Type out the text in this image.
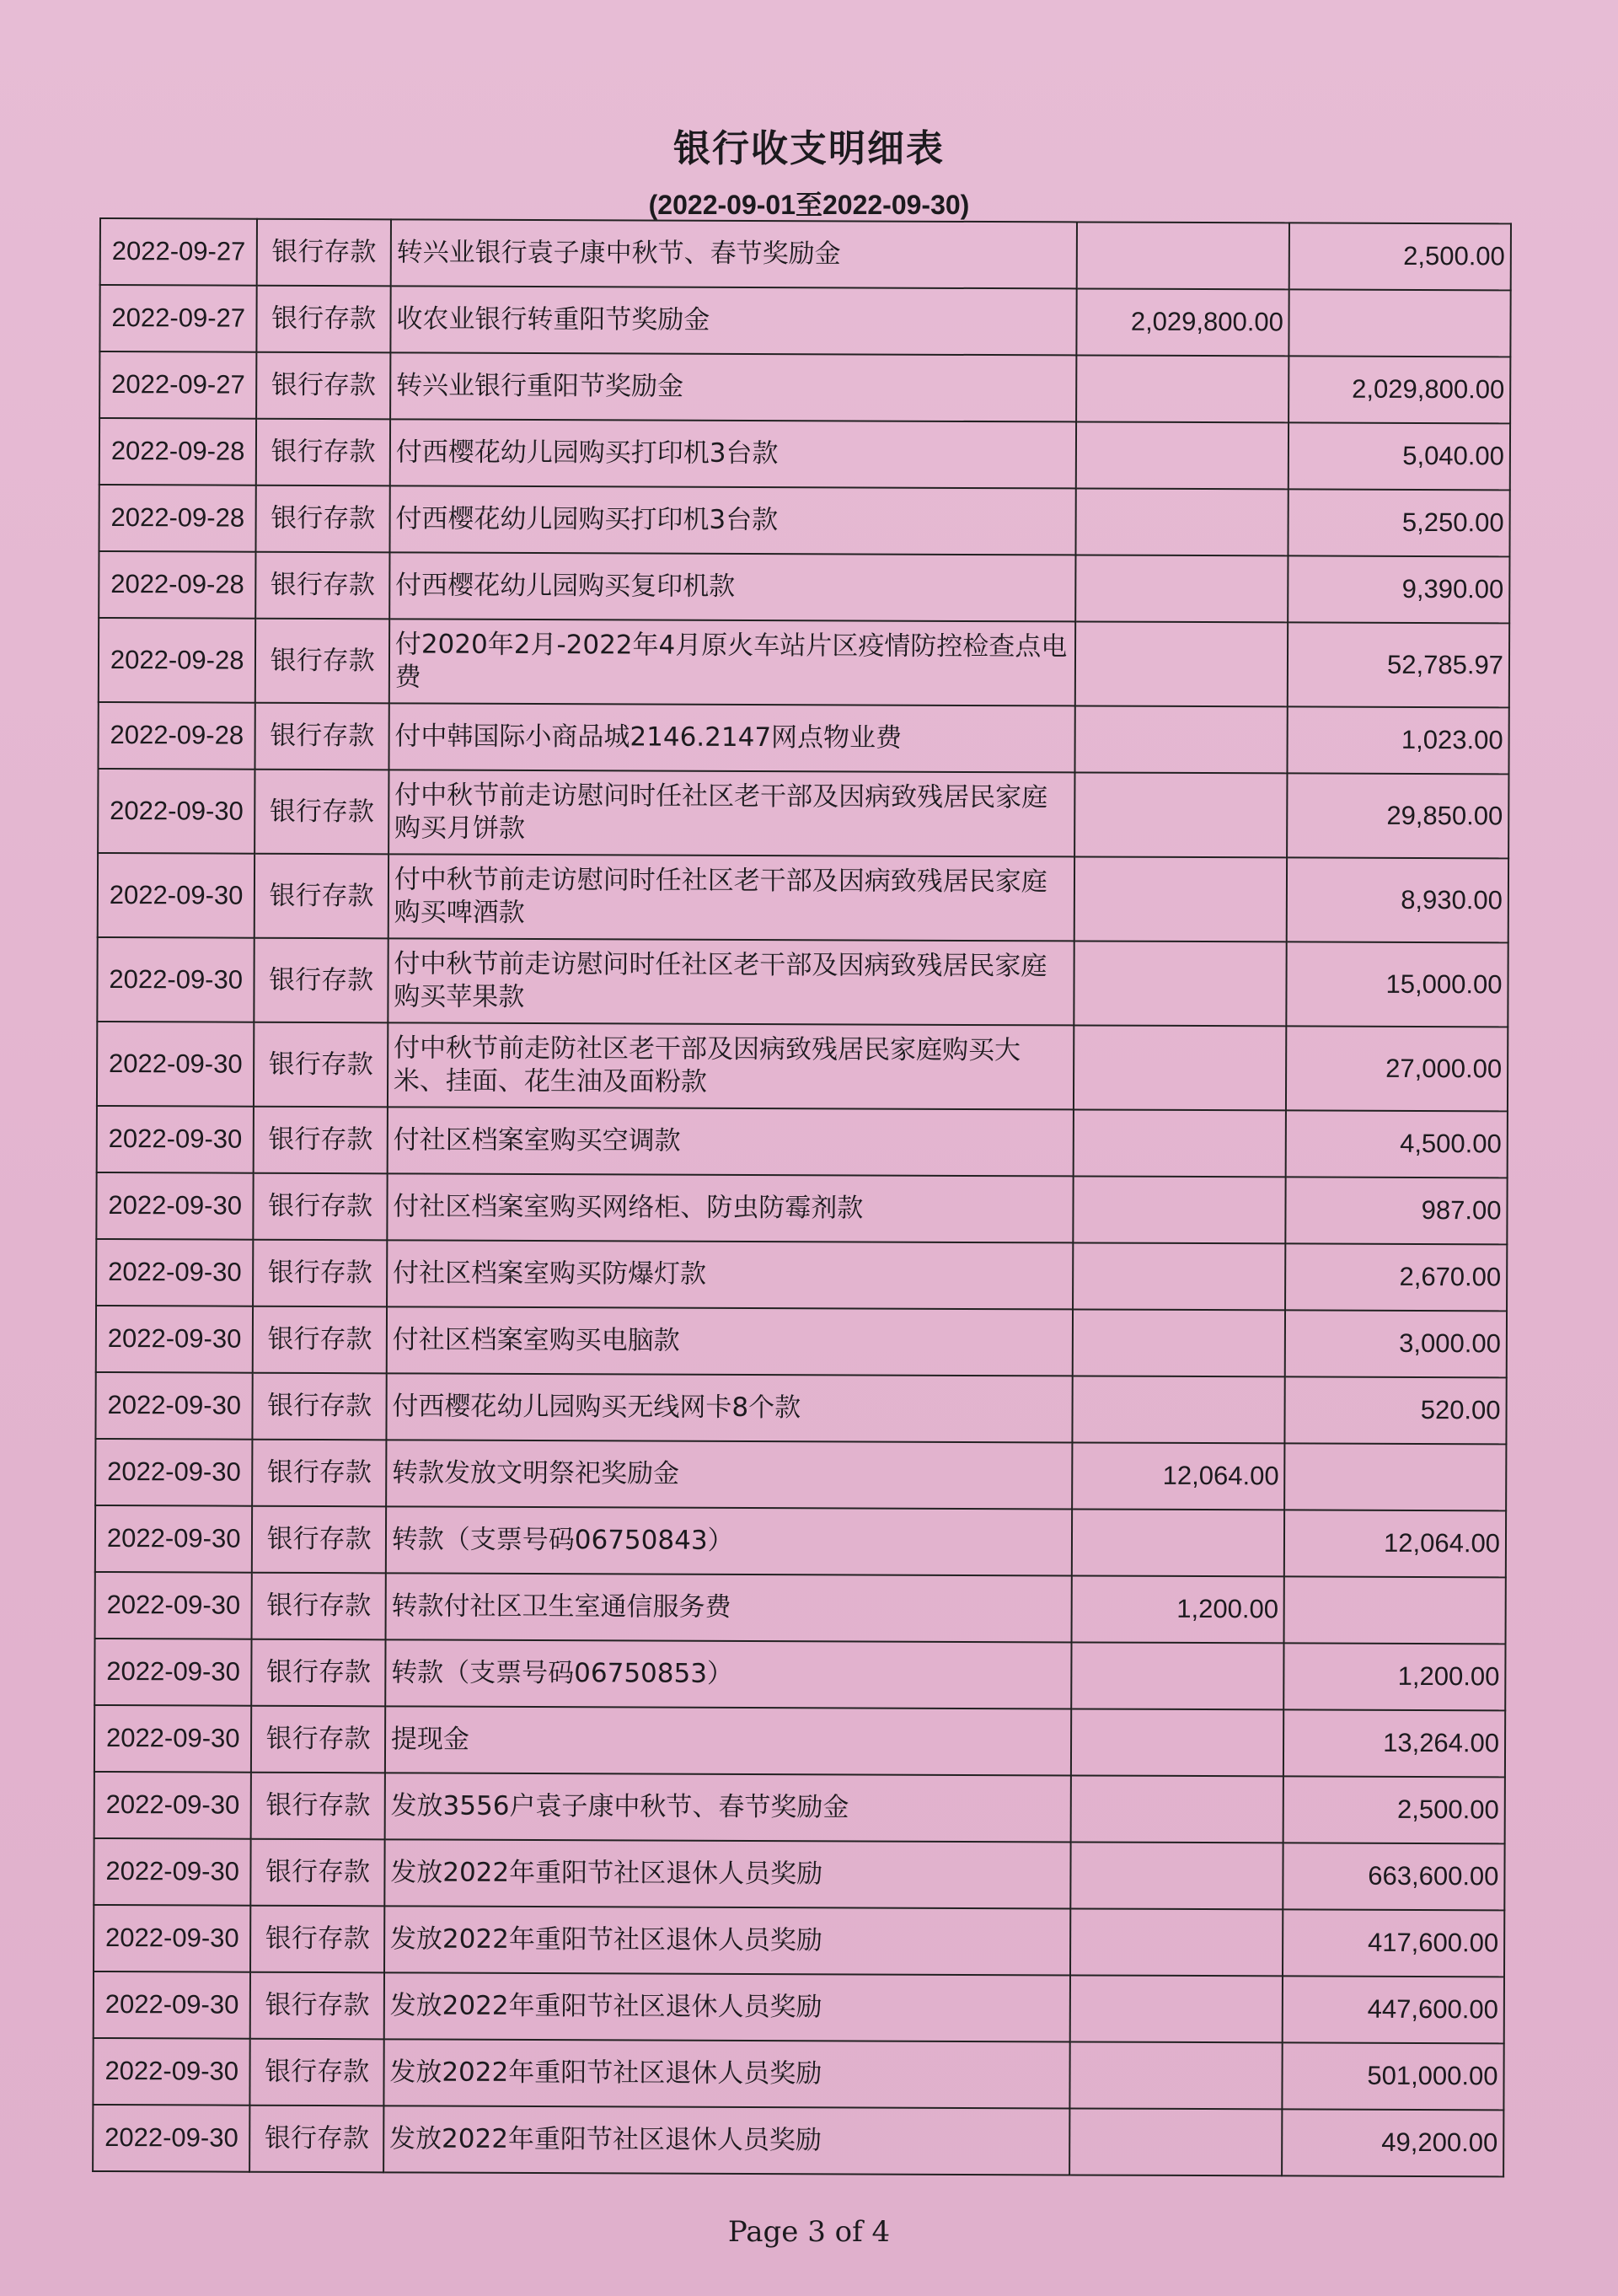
银行收支明细表
(2022-09-01至2022-09-30)
2022-09-27	银行存款	转兴业银行袁子康中秋节、春节奖励金		2,500.00
2022-09-27	银行存款	收农业银行转重阳节奖励金	2,029,800.00	
2022-09-27	银行存款	转兴业银行重阳节奖励金		2,029,800.00
2022-09-28	银行存款	付西樱花幼儿园购买打印机3台款		5,040.00
2022-09-28	银行存款	付西樱花幼儿园购买打印机3台款		5,250.00
2022-09-28	银行存款	付西樱花幼儿园购买复印机款		9,390.00
2022-09-28	银行存款	付2020年2月-2022年4月原火车站片区疫情防控检查点电费		52,785.97
2022-09-28	银行存款	付中韩国际小商品城2146.2147网点物业费		1,023.00
2022-09-30	银行存款	付中秋节前走访慰问时任社区老干部及因病致残居民家庭购买月饼款		29,850.00
2022-09-30	银行存款	付中秋节前走访慰问时任社区老干部及因病致残居民家庭购买啤酒款		8,930.00
2022-09-30	银行存款	付中秋节前走访慰问时任社区老干部及因病致残居民家庭购买苹果款		15,000.00
2022-09-30	银行存款	付中秋节前走防社区老干部及因病致残居民家庭购买大米、挂面、花生油及面粉款		27,000.00
2022-09-30	银行存款	付社区档案室购买空调款		4,500.00
2022-09-30	银行存款	付社区档案室购买网络柜、防虫防霉剂款		987.00
2022-09-30	银行存款	付社区档案室购买防爆灯款		2,670.00
2022-09-30	银行存款	付社区档案室购买电脑款		3,000.00
2022-09-30	银行存款	付西樱花幼儿园购买无线网卡8个款		520.00
2022-09-30	银行存款	转款发放文明祭祀奖励金	12,064.00	
2022-09-30	银行存款	转款（支票号码06750843）		12,064.00
2022-09-30	银行存款	转款付社区卫生室通信服务费	1,200.00	
2022-09-30	银行存款	转款（支票号码06750853）		1,200.00
2022-09-30	银行存款	提现金		13,264.00
2022-09-30	银行存款	发放3556户袁子康中秋节、春节奖励金		2,500.00
2022-09-30	银行存款	发放2022年重阳节社区退休人员奖励		663,600.00
2022-09-30	银行存款	发放2022年重阳节社区退休人员奖励		417,600.00
2022-09-30	银行存款	发放2022年重阳节社区退休人员奖励		447,600.00
2022-09-30	银行存款	发放2022年重阳节社区退休人员奖励		501,000.00
2022-09-30	银行存款	发放2022年重阳节社区退休人员奖励		49,200.00
Page 3 of 4
